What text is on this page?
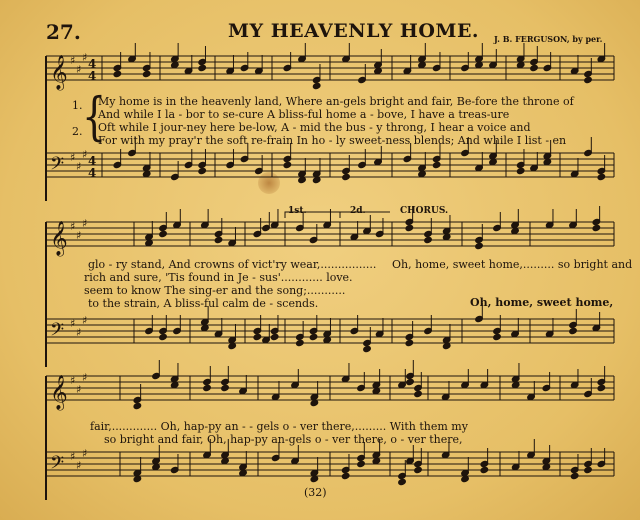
27.	MY HEAVENLY HOME. J. B. FERGUSON, by per.
𝄞
𝄞
𝄞
𝄢
𝄢
𝄢
♯
♯
♯
♯
♯
♯
♯
♯
♯
♯
♯
♯
♯
♯
♯
♯
♯
♯
4
4
4
4
1.
2. {
My home is in the heavenly land, Where an-gels bright and fair, Be-fore the throne of
And while I la - bor to se-cure A bliss-ful home a - bove, I have a treas-ure
Oft while I jour-ney here be-low, A - mid the bus - y throng, I hear a voice and
For with my pray'r the soft re-frain In ho - ly sweet-ness blends; And while I list - en
1st.	2d.	CHORUS.
glo - ry stand, And crowns of vict'ry wear,................
rich and sure, 'Tis found in Je - sus'............ love.
seem to know The sing-er and the song;...........
to the strain, A bliss-ful calm de - scends.
Oh, home, sweet home,......... so bright and
Oh, home, sweet home,
fair,............. Oh, hap-py an - - gels o - ver there,......... With them my
so bright and fair, Oh, hap-py an-gels o - ver there, o - ver there,
(32)
